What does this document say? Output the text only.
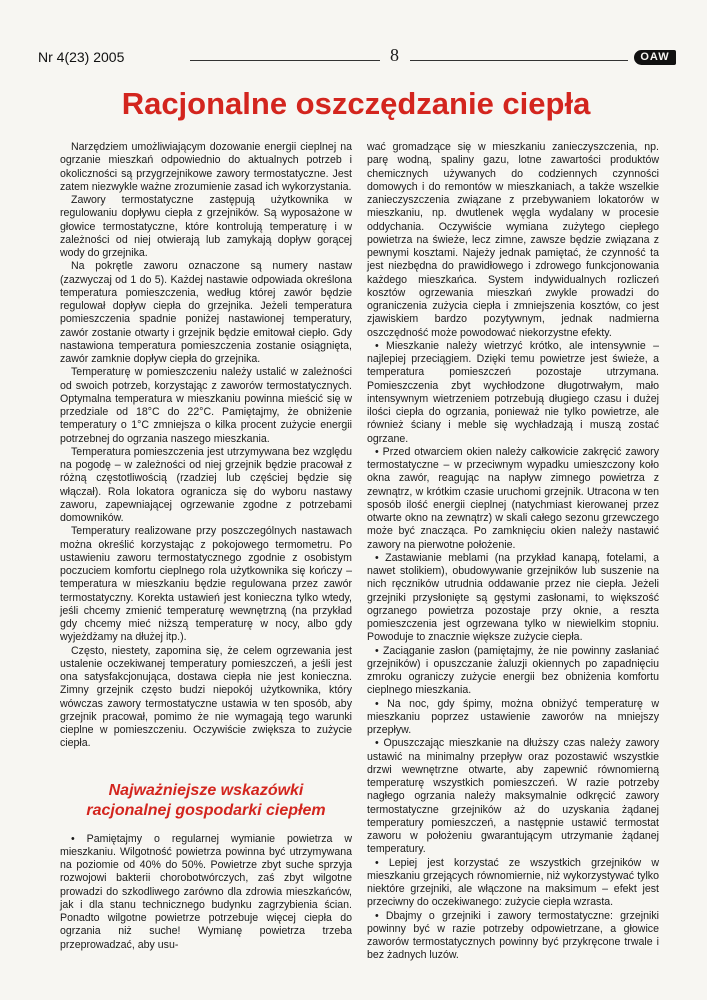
Nr 4(23) 2005	8	OAW
Racjonalne oszczędzanie ciepła

Narzędziem umożliwiającym dozowanie energii cieplnej na ogrzanie mieszkań odpowiednio do aktualnych potrzeb i okoliczności są przygrzejnikowe zawory termostatyczne. Jest zatem niezwykle ważne zrozumienie zasad ich wykorzystania.

Zawory termostatyczne zastępują użytkownika w regulowaniu dopływu ciepła z grzejników. Są wyposażone w głowice termostatyczne, które kontrolują temperaturę i w zależności od niej otwierają lub zamykają dopływ gorącej wody do grzejnika.

Na pokrętle zaworu oznaczone są numery nastaw (zazwyczaj od 1 do 5). Każdej nastawie odpowiada określona temperatura pomieszczenia, według której zawór będzie regulował dopływ ciepła do grzejnika. Jeżeli temperatura pomieszczenia spadnie poniżej nastawionej temperatury, zawór zostanie otwarty i grzejnik będzie emitował ciepło. Gdy nastawiona temperatura pomieszczenia zostanie osiągnięta, zawór zamknie dopływ ciepła do grzejnika.

Temperaturę w pomieszczeniu należy ustalić w zależności od swoich potrzeb, korzystając z zaworów termostatycznych. Optymalna temperatura w mieszkaniu powinna mieścić się w przedziale od 18°C do 22°C. Pamiętajmy, że obniżenie temperatury o 1°C zmniejsza o kilka procent zużycie energii potrzebnej do ogrzania naszego mieszkania.

Temperatura pomieszczenia jest utrzymywana bez względu na pogodę – w zależności od niej grzejnik będzie pracował z różną częstotliwością (rzadziej lub częściej będzie się włączał). Rola lokatora ogranicza się do wyboru nastawy zaworu, zapewniającej ogrzewanie zgodne z potrzebami domowników.

Temperatury realizowane przy poszczególnych nastawach można określić korzystając z pokojowego termometru. Po ustawieniu zaworu termostatycznego zgodnie z osobistym poczuciem komfortu cieplnego rola użytkownika się kończy – temperatura w mieszkaniu będzie regulowana przez zawór termostatyczny. Korekta ustawień jest konieczna tylko wtedy, jeśli chcemy zmienić temperaturę wewnętrzną (na przykład gdy chcemy mieć niższą temperaturę w nocy, albo gdy wyjeżdżamy na dłużej itp.).

Często, niestety, zapomina się, że celem ogrzewania jest ustalenie oczekiwanej temperatury pomieszczeń, a jeśli jest ona satysfakcjonująca, dostawa ciepła nie jest konieczna. Zimny grzejnik często budzi niepokój użytkownika, który wówczas zawory termostatyczne ustawia w ten sposób, aby grzejnik pracował, pomimo że nie wymagają tego warunki cieplne w pomieszczeniu. Oczywiście zwiększa to zużycie ciepła.

Najważniejsze wskazówki
racjonalnej gospodarki ciepłem

• Pamiętajmy o regularnej wymianie powietrza w mieszkaniu. Wilgotność powietrza powinna być utrzymywana na poziomie od 40% do 50%. Powietrze zbyt suche sprzyja rozwojowi bakterii chorobotwórczych, zaś zbyt wilgotne prowadzi do szkodliwego zarówno dla zdrowia mieszkańców, jak i dla stanu technicznego budynku zagrzybienia ścian. Ponadto wilgotne powietrze potrzebuje więcej ciepła do ogrzania niż suche! Wymianę powietrza trzeba przeprowadzać, aby usu-

wać gromadzące się w mieszkaniu zanieczyszczenia, np. parę wodną, spaliny gazu, lotne zawartości produktów chemicznych używanych do codziennych czynności domowych i do remontów w mieszkaniach, a także wszelkie zanieczyszczenia związane z przebywaniem lokatorów w mieszkaniu, np. dwutlenek węgla wydalany w procesie oddychania. Oczywiście wymiana zużytego ciepłego powietrza na świeże, lecz zimne, zawsze będzie związana z pewnymi kosztami. Najeży jednak pamiętać, że czynność ta jest niezbędna do prawidłowego i zdrowego funkcjonowania każdego mieszkańca. System indywidualnych rozliczeń kosztów ogrzewania mieszkań zwykle prowadzi do ograniczenia zużycia ciepła i zmniejszenia kosztów, co jest zjawiskiem bardzo pozytywnym, jednak nadmierna oszczędność może powodować niekorzystne efekty.

• Mieszkanie należy wietrzyć krótko, ale intensywnie – najlepiej przeciągiem. Dzięki temu powietrze jest świeże, a temperatura pomieszczeń pozostaje utrzymana. Pomieszczenia zbyt wychłodzone długotrwałym, mało intensywnym wietrzeniem potrzebują długiego czasu i dużej ilości ciepła do ogrzania, ponieważ nie tylko powietrze, ale również ściany i meble się wychładzają i muszą zostać ogrzane.

• Przed otwarciem okien należy całkowicie zakręcić zawory termostatyczne – w przeciwnym wypadku umieszczony koło okna zawór, reagując na napływ zimnego powietrza z zewnątrz, w krótkim czasie uruchomi grzejnik. Utracona w ten sposób ilość energii cieplnej (natychmiast kierowanej przez otwarte okno na zewnątrz) w skali całego sezonu grzewczego może być znacząca. Po zamknięciu okien należy nastawić zawory na pierwotne położenie.

• Zastawianie meblami (na przykład kanapą, fotelami, a nawet stolikiem), obudowywanie grzejników lub suszenie na nich ręczników utrudnia oddawanie przez nie ciepła. Jeżeli grzejniki przysłonięte są gęstymi zasłonami, to większość ogrzanego powietrza pozostaje przy oknie, a reszta pomieszczenia jest ogrzewana tylko w niewielkim stopniu. Powoduje to znacznie większe zużycie ciepła.

• Zaciąganie zasłon (pamiętajmy, że nie powinny zasłaniać grzejników) i opuszczanie żaluzji okiennych po zapadnięciu zmroku ograniczy zużycie energii bez obniżenia komfortu cieplnego mieszkania.

• Na noc, gdy śpimy, można obniżyć temperaturę w mieszkaniu poprzez ustawienie zaworów na mniejszy przepływ.

• Opuszczając mieszkanie na dłuższy czas należy zawory ustawić na minimalny przepływ oraz pozostawić wszystkie drzwi wewnętrzne otwarte, aby zapewnić równomierną temperaturę wszystkich pomieszczeń. W razie potrzeby nagłego ogrzania należy maksymalnie odkręcić zawory termostatyczne grzejników aż do uzyskania żądanej temperatury pomieszczeń, a następnie ustawić termostat zaworu w położeniu gwarantującym utrzymanie żądanej temperatury.

• Lepiej jest korzystać ze wszystkich grzejników w mieszkaniu grzejących równomiernie, niż wykorzystywać tylko niektóre grzejniki, ale włączone na maksimum – efekt jest przeciwny do oczekiwanego: zużycie ciepła wzrasta.

• Dbajmy o grzejniki i zawory termostatyczne: grzejniki powinny być w razie potrzeby odpowietrzane, a głowice zaworów termostatycznych powinny być przykręcone trwale i bez żadnych luzów.
